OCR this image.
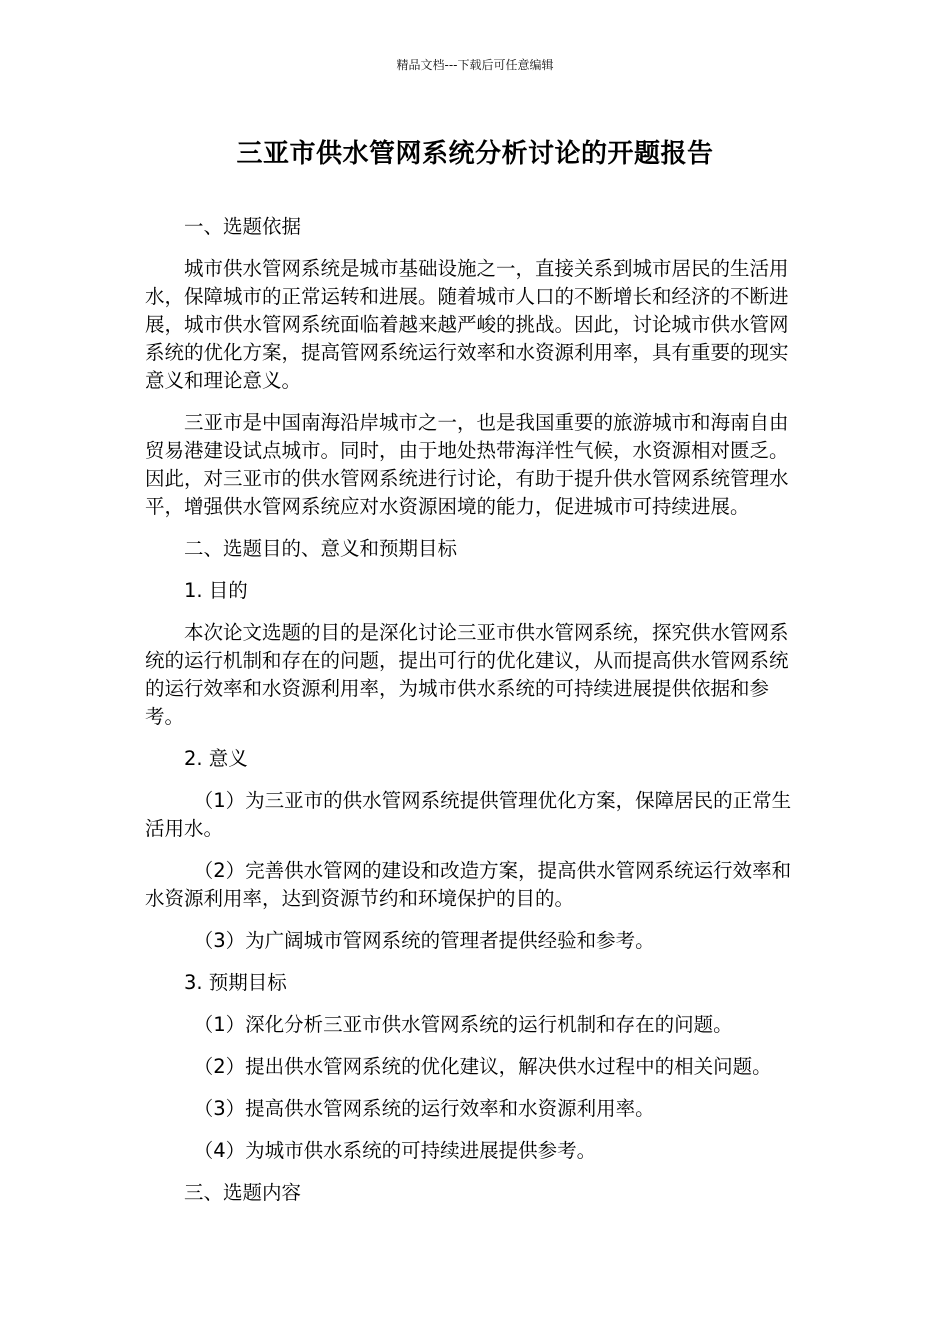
精品文档---下载后可任意编辑
三亚市供水管网系统分析讨论的开题报告

一、选题依据

城市供水管网系统是城市基础设施之一，直接关系到城市居民的生活用水，保障城市的正常运转和进展。随着城市人口的不断增长和经济的不断进展，城市供水管网系统面临着越来越严峻的挑战。因此，讨论城市供水管网系统的优化方案，提高管网系统运行效率和水资源利用率，具有重要的现实意义和理论意义。

三亚市是中国南海沿岸城市之一，也是我国重要的旅游城市和海南自由贸易港建设试点城市。同时，由于地处热带海洋性气候，水资源相对匮乏。因此，对三亚市的供水管网系统进行讨论，有助于提升供水管网系统管理水平，增强供水管网系统应对水资源困境的能力，促进城市可持续进展。

二、选题目的、意义和预期目标

1. 目的

本次论文选题的目的是深化讨论三亚市供水管网系统，探究供水管网系统的运行机制和存在的问题，提出可行的优化建议，从而提高供水管网系统的运行效率和水资源利用率，为城市供水系统的可持续进展提供依据和参考。

2. 意义

（1）为三亚市的供水管网系统提供管理优化方案，保障居民的正常生活用水。

（2）完善供水管网的建设和改造方案，提高供水管网系统运行效率和水资源利用率，达到资源节约和环境保护的目的。

（3）为广阔城市管网系统的管理者提供经验和参考。

3. 预期目标

（1）深化分析三亚市供水管网系统的运行机制和存在的问题。

（2）提出供水管网系统的优化建议，解决供水过程中的相关问题。

（3）提高供水管网系统的运行效率和水资源利用率。

（4）为城市供水系统的可持续进展提供参考。

三、选题内容
